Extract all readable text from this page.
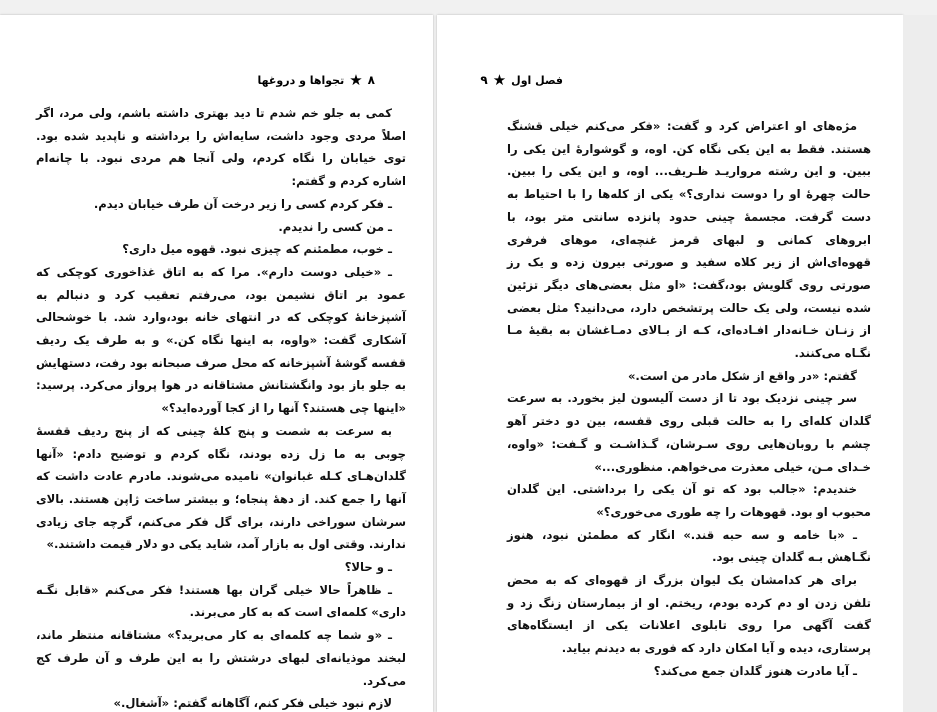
۸
★
تجواها و دروغها

کمی به جلو خم شدم تا دید بهتری داشته باشم، ولی مرد، اگر اصلاً مردی وجود داشت، سایه‌اش را برداشته و ناپدید شده بود. توی خیابان را نگاه کردم، ولی آنجا هم مردی نبود. با چانه‌ام اشاره کردم و گفتم:

ـ فکر کردم کسی را زیر درخت آن طرف خیابان دیدم.

ـ من کسی را ندیدم.

ـ خوب، مطمئنم که چیزی نبود. قهوه میل داری؟

ـ «خیلی دوست دارم». مرا که به اتاق غذاخوری کوچکی که عمود بر اتاق نشیمن بود، می‌رفتم تعقیب کرد و دنبالم به آشپزخانهٔ کوچکی که در انتهای خانه بود،وارد شد. با خوشحالی آشکاری گفت: «واوه، به اینها نگاه کن.» و به طرف یک ردیف قفسه گوشهٔ آشپزخانه که محل صرف صبحانه بود رفت، دستهایش به جلو باز بود وانگشتانش مشتاقانه در هوا پرواز می‌کرد. پرسید: «اینها چی هستند؟ آنها را از کجا آورده‌اید؟»

به سرعت به شصت و پنج کلهٔ چینی که از پنج ردیف قفسهٔ چوبی به ما زل زده بودند، نگاه کردم و توضیح دادم: «آنها گلدان‌هـای کـله غبانوان» نامیده می‌شوند. مادرم عادت داشت که آنها را جمع کند. از دههٔ پنجاه؛ و بیشتر ساخت ژاپن هستند. بالای سرشان سوراخی دارند، برای گل فکر می‌کنم، گرچه جای زیادی ندارند. وقتی اول به بازار آمد، شاید یکی دو دلار قیمت داشتند.»

ـ و حالا؟

ـ ظاهراً حالا خیلی گران بها هستند! فکر می‌کنم «قابل نگـه داری» کلمه‌ای است که به کار می‌برند.

ـ «و شما چه کلمه‌ای به کار می‌برید؟» مشتاقانه منتظر ماند، لبخند موذیانه‌ای لبهای درشتش را به این طرف و آن طرف کج می‌کرد.

لازم نبود خیلی فکر کنم، آگاهانه گفتم: «آشغال.»

فصل اول
★
۹

مژه‌های او اعتراض کرد و گفت: «فکر می‌کنم خیلی قشنگ هستند. فقط به این یکی نگاه کن. اوه، و گوشوارهٔ این یکی را ببین. و این رشته مرواریـد ظـریف... اوه، و این یکی را ببین. حالت چهرهٔ او را دوست نداری؟» یکی از کله‌ها را با احتیاط به دست گرفت. مجسمهٔ چینی حدود پانزده سانتی متر بود، با ابروهای کمانی و لبهای قرمز غنچه‌ای، موهای فرفری قهوه‌ای‌اش از زیر کلاه سفید و صورتی بیرون زده و یک رز صورتی روی گلویش بود،گفت: «او مثل بعضی‌های دیگر تزئین شده نیست، ولی یک حالت پرتشخص دارد، می‌دانید؟ مثل بعضی از زنـان خـانه‌دار افـاده‌ای، کـه از بـالای دمـاغشان به بقیهٔ مـا نگـاه می‌کنند.

گفتم: «در واقع از شکل مادر من است.»

سر چینی نزدیک بود تا از دست آلیسون لیز بخورد. به سرعت گلدان کله‌ای را به حالت قبلی روی قفسه، بین دو دختر آهو چشم با روبان‌هایی روی سـرشان، گـذاشـت و گـفت: «واوه، خـدای مـن، خیلی معذرت می‌خواهم. منظوری...»

خندیدم: «جالب بود که تو آن یکی را برداشتی. این گلدان محبوب او بود. قهوهات را چه طوری می‌خوری؟»

ـ «با خامه و سه حبه قند.» انگار که مطمئن نبود، هنوز نگـاهش بـه گلدان چینی بود.

برای هر کدامشان یک لیوان بزرگ از قهوه‌ای که به محض تلفن زدن او دم کرده بودم، ریختم. او از بیمارستان زنگ زد و گفت آگهی مرا روی تابلوی اعلانات یکی از ایستگاه‌های پرستاری، دیده و آیا امکان دارد که فوری به دیدنم بیاید.

ـ آیا مادرت هنوز گلدان جمع می‌کند؟
